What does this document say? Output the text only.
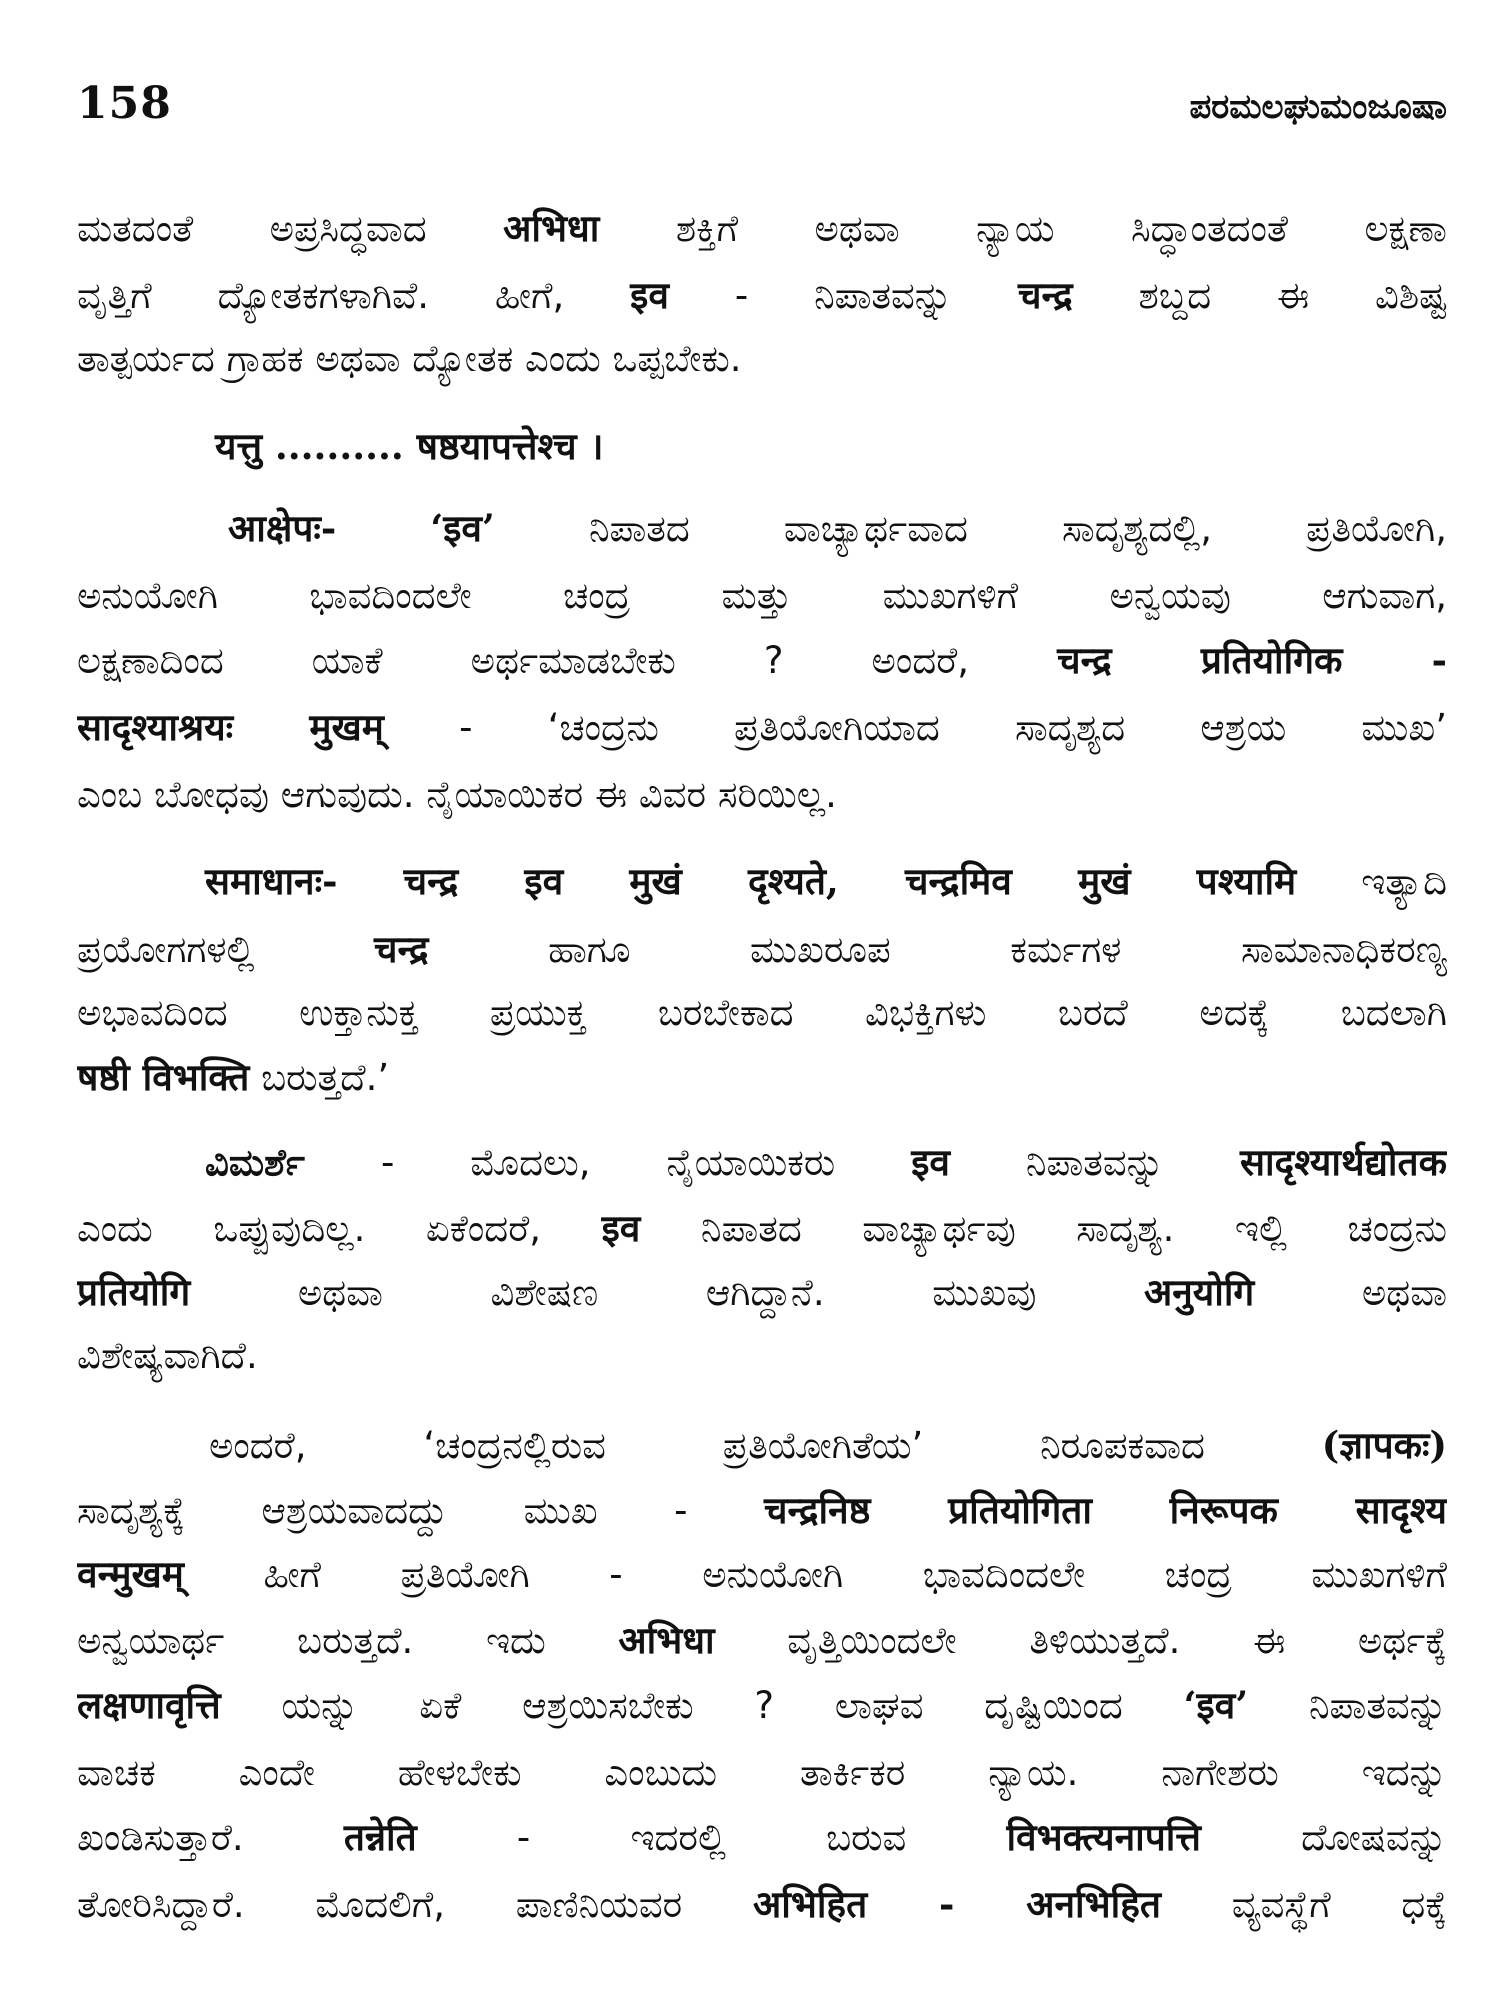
158	ಪರಮಲಘುಮಂಜೂಷಾ
ಮತದಂತೆ ಅಪ್ರಸಿದ್ಧವಾದ अभिधा ಶಕ್ತಿಗೆ ಅಥವಾ ನ್ಯಾಯ ಸಿದ್ಧಾಂತದಂತೆ ಲಕ್ಷಣಾ
ವೃತ್ತಿಗೆ ದ್ಯೋತಕಗಳಾಗಿವೆ. ಹೀಗೆ, इव - ನಿಪಾತವನ್ನು चन्द्र ಶಬ್ದದ ಈ ವಿಶಿಷ್ಟ
ತಾತ್ಪರ್ಯದ ಗ್ರಾಹಕ ಅಥವಾ ದ್ಯೋತಕ ಎಂದು ಒಪ್ಪಬೇಕು.
यत्तु .......... षष्ठयापत्तेश्च ।
आक्षेपः-	‘इव’	ನಿಪಾತದ ವಾಚ್ಯಾರ್ಥವಾದ ಸಾದೃಶ್ಯದಲ್ಲಿ, ಪ್ರತಿಯೋಗಿ,
ಅನುಯೋಗಿ ಭಾವದಿಂದಲೇ ಚಂದ್ರ ಮತ್ತು ಮುಖಗಳಿಗೆ ಅನ್ವಯವು ಆಗುವಾಗ,
ಲಕ್ಷಣಾದಿಂದ ಯಾಕೆ ಅರ್ಥಮಾಡಬೇಕು ? ಅಂದರೆ, चन्द्र प्रतियोगिक -
सादृश्याश्रयः मुखम् - ‘ಚಂದ್ರನು ಪ್ರತಿಯೋಗಿಯಾದ ಸಾದೃಶ್ಯದ ಆಶ್ರಯ ಮುಖ’
ಎಂಬ ಬೋಧವು ಆಗುವುದು. ನೈಯಾಯಿಕರ ಈ ವಿವರ ಸರಿಯಿಲ್ಲ.
समाधानः- चन्द्र इव मुखं दृश्यते, चन्द्रमिव मुखं पश्यामि ಇತ್ಯಾದಿ
ಪ್ರಯೋಗಗಳಲ್ಲಿ	चन्द्र	ಹಾಗೂ ಮುಖರೂಪ ಕರ್ಮಗಳ ಸಾಮಾನಾಧಿಕರಣ್ಯ
ಅಭಾವದಿಂದ ಉಕ್ತಾನುಕ್ತ ಪ್ರಯುಕ್ತ ಬರಬೇಕಾದ ವಿಭಕ್ತಿಗಳು ಬರದೆ ಅದಕ್ಕೆ ಬದಲಾಗಿ
षष्ठी विभक्ति ಬರುತ್ತದೆ.’
ವಿಮರ್ಶೆ - ಮೊದಲು, ನೈಯಾಯಿಕರು इव ನಿಪಾತವನ್ನು सादृश्यार्थद्योतक
ಎಂದು ಒಪ್ಪುವುದಿಲ್ಲ. ಏಕೆಂದರೆ, इव ನಿಪಾತದ ವಾಚ್ಯಾರ್ಥವು ಸಾದೃಶ್ಯ. ಇಲ್ಲಿ ಚಂದ್ರನು
प्रतियोगि	ಅಥವಾ ವಿಶೇಷಣ ಆಗಿದ್ದಾನೆ. ಮುಖವು	अनुयोगि	ಅಥವಾ
ವಿಶೇಷ್ಯವಾಗಿದೆ.
ಅಂದರೆ, ‘ಚಂದ್ರನಲ್ಲಿರುವ ಪ್ರತಿಯೋಗಿತೆಯ’ ನಿರೂಪಕವಾದ	(ज्ञापकः)
ಸಾದೃಶ್ಯಕ್ಕೆ ಆಶ್ರಯವಾದದ್ದು ಮುಖ - चन्द्रनिष्ठ प्रतियोगिता निरूपक सादृश्य
वन्मुखम् ಹೀಗೆ ಪ್ರತಿಯೋಗಿ - ಅನುಯೋಗಿ ಭಾವದಿಂದಲೇ ಚಂದ್ರ ಮುಖಗಳಿಗೆ
ಅನ್ವಯಾರ್ಥ ಬರುತ್ತದೆ. ಇದು अभिधा ವೃತ್ತಿಯಿಂದಲೇ ತಿಳಿಯುತ್ತದೆ. ಈ ಅರ್ಥಕ್ಕೆ
लक्षणावृत्ति ಯನ್ನು ಏಕೆ ಆಶ್ರಯಿಸಬೇಕು ? ಲಾಘವ ದೃಷ್ಟಿಯಿಂದ ‘इव’ ನಿಪಾತವನ್ನು
ವಾಚಕ ಎಂದೇ ಹೇಳಬೇಕು ಎಂಬುದು ತಾರ್ಕಿಕರ ನ್ಯಾಯ. ನಾಗೇಶರು ಇದನ್ನು
ಖಂಡಿಸುತ್ತಾರೆ.	तन्नेति	- ಇದರಲ್ಲಿ ಬರುವ	विभक्त्यनापत्ति	ದೋಷವನ್ನು
ತೋರಿಸಿದ್ದಾರೆ. ಮೊದಲಿಗೆ, ಪಾಣಿನಿಯವರ अभिहित - अनभिहित ವ್ಯವಸ್ಥೆಗೆ ಧಕ್ಕೆ
